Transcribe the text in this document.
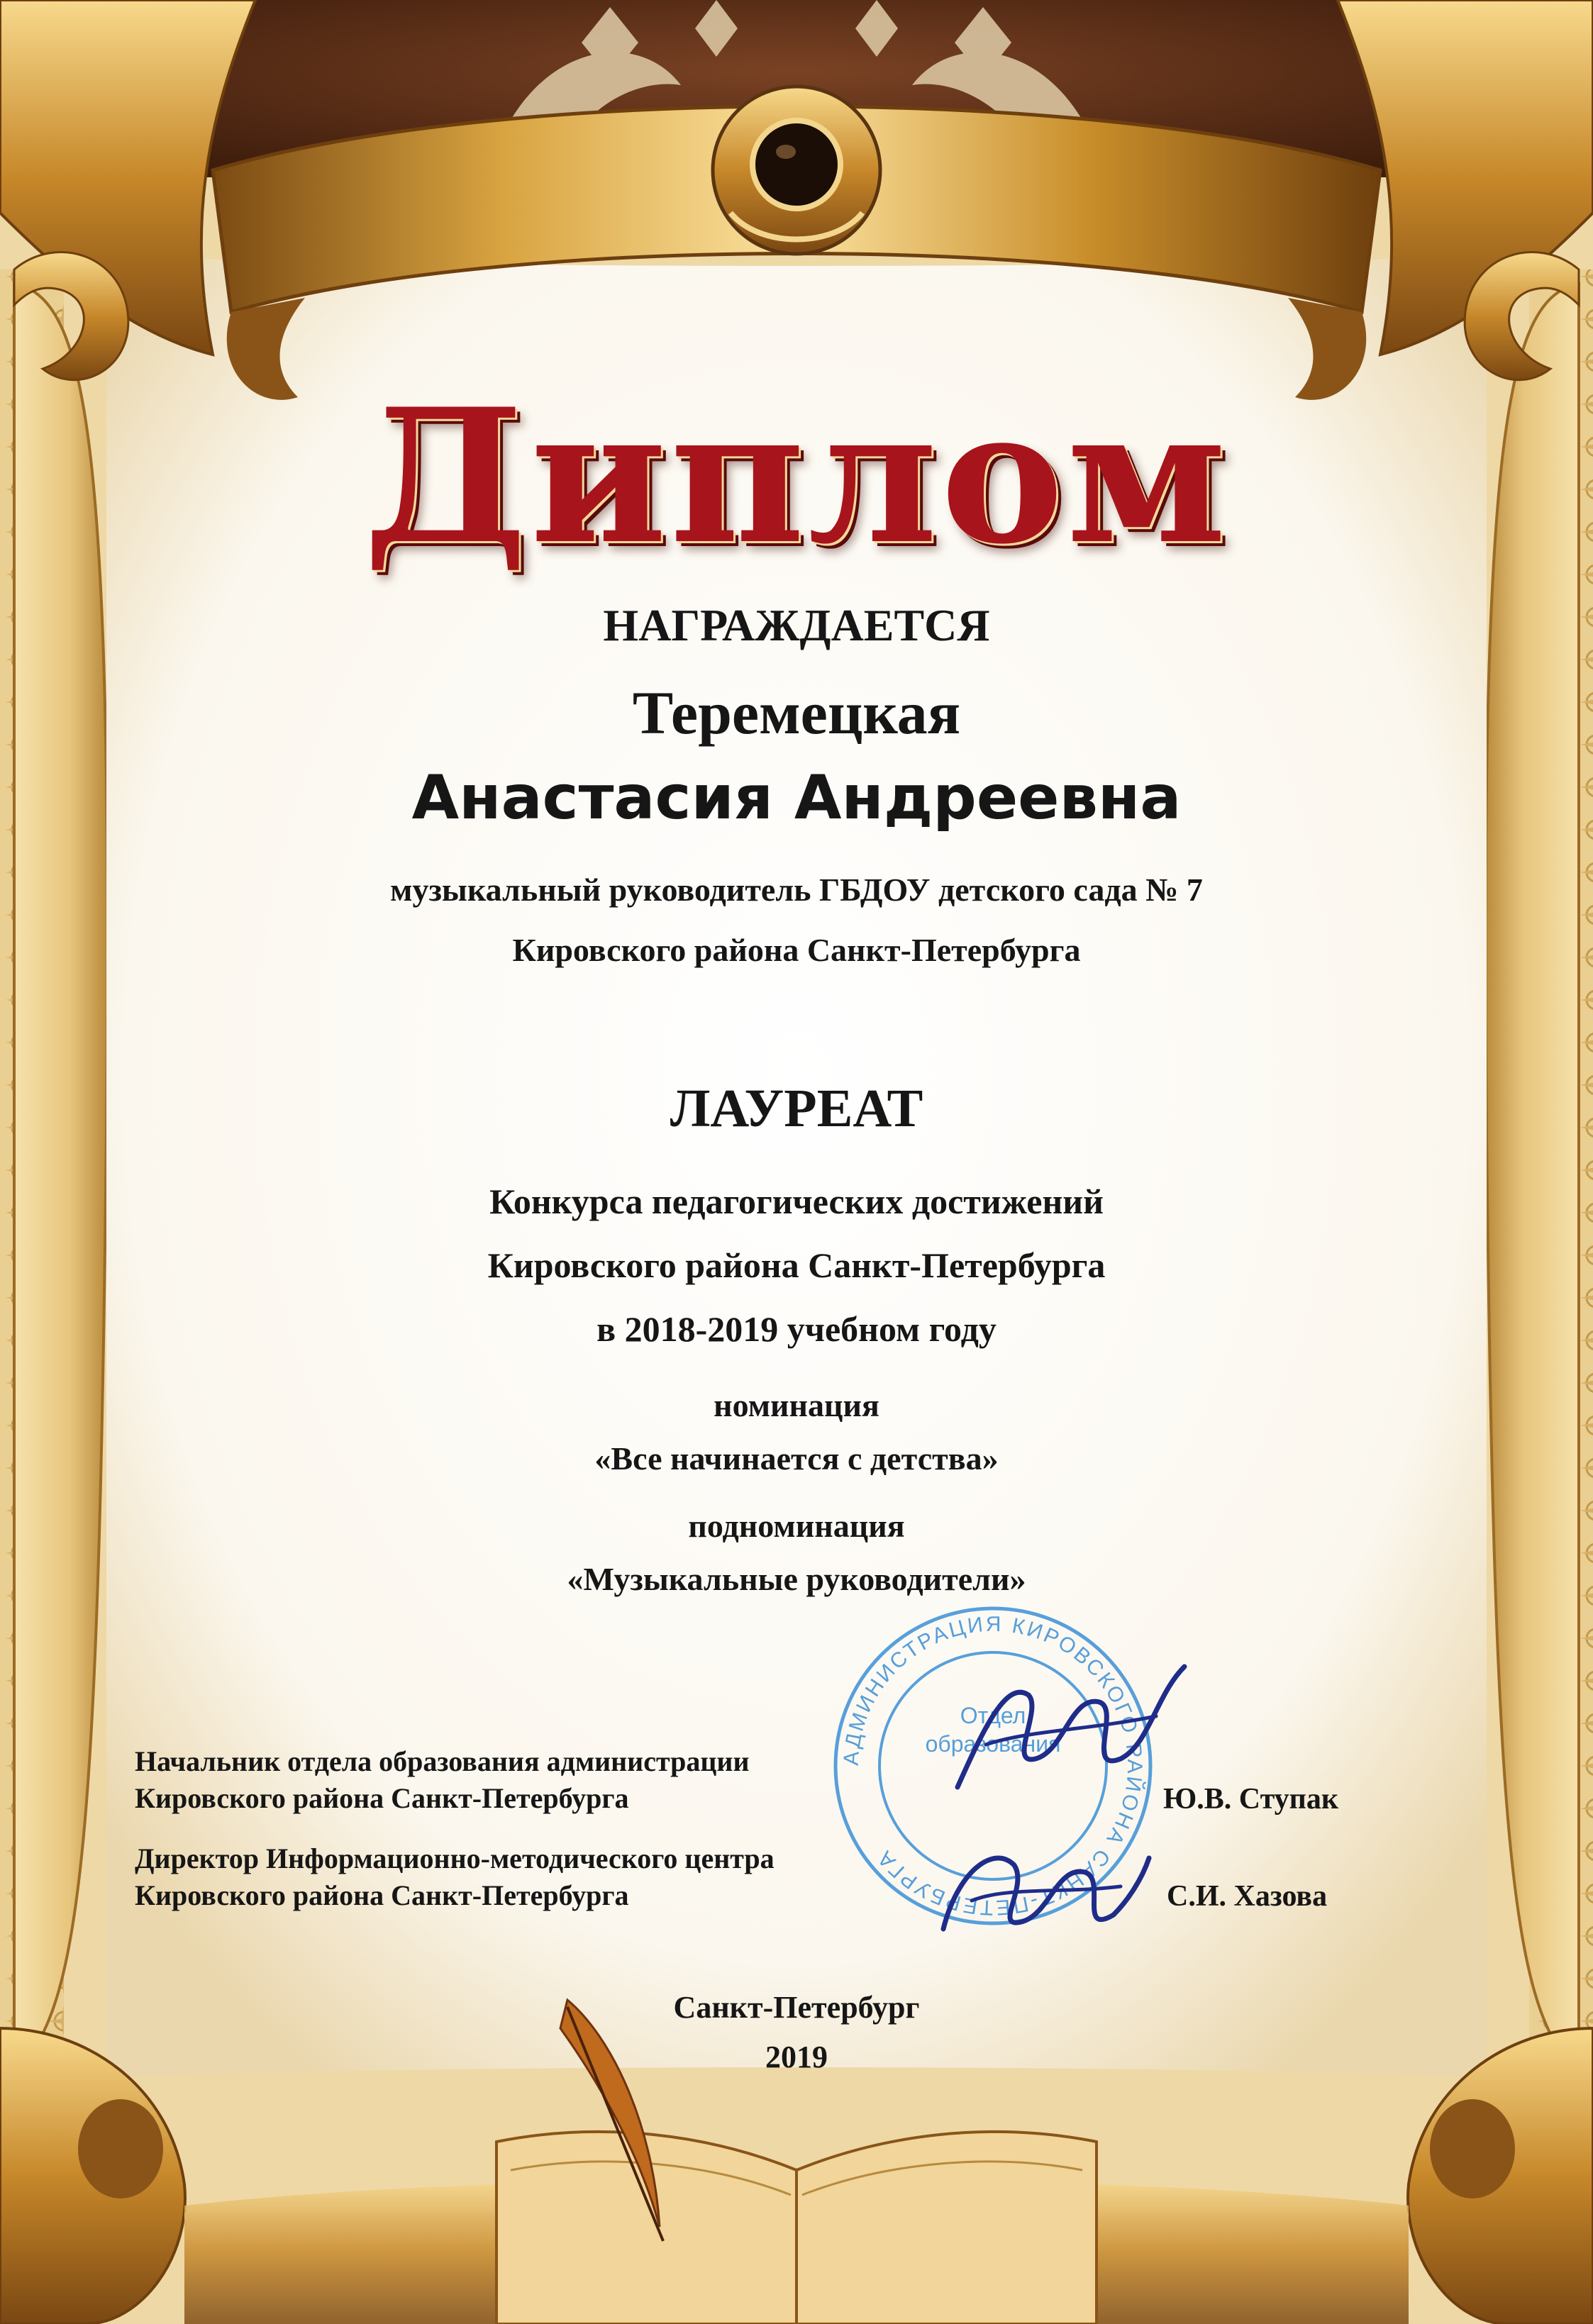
Диплом
НАГРАЖДАЕТСЯ
Теремецкая
Анастасия Андреевна
музыкальный руководитель ГБДОУ детского сада № 7
Кировского района Санкт-Петербурга
ЛАУРЕАТ
Конкурса педагогических достижений
Кировского района Санкт-Петербурга
в 2018-2019 учебном году
номинация
«Все начинается с детства»
подноминация
«Музыкальные руководители»
АДМИНИСТРАЦИЯ КИРОВСКОГО РАЙОНА САНКТ-ПЕТЕРБУРГА
Отдел
образования
Начальник отдела образования администрации
Кировского района Санкт-Петербурга	Ю.В. Ступак
Директор Информационно-методического центра
Кировского района Санкт-Петербурга	С.И. Хазова
Санкт-Петербург
2019
